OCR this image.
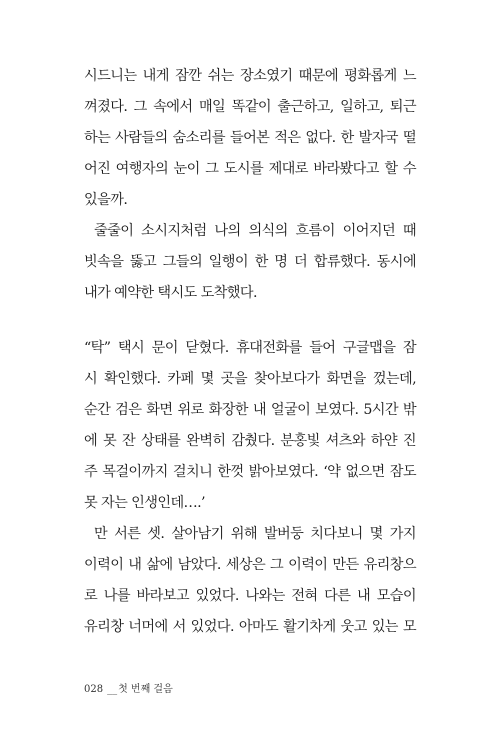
시드니는 내게 잠깐 쉬는 장소였기 때문에 평화롭게 느
껴졌다. 그 속에서 매일 똑같이 출근하고, 일하고, 퇴근
하는 사람들의 숨소리를 들어본 적은 없다. 한 발자국 떨
어진 여행자의 눈이 그 도시를 제대로 바라봤다고 할 수
있을까.
줄줄이 소시지처럼 나의 의식의 흐름이 이어지던 때
빗속을 뚫고 그들의 일행이 한 명 더 합류했다. 동시에
내가 예약한 택시도 도착했다.
“탁” 택시 문이 닫혔다. 휴대전화를 들어 구글맵을 잠
시 확인했다. 카페 몇 곳을 찾아보다가 화면을 껐는데,
순간 검은 화면 위로 화장한 내 얼굴이 보였다. 5시간 밖
에 못 잔 상태를 완벽히 감췄다. 분홍빛 셔츠와 하얀 진
주 목걸이까지 걸치니 한껏 밝아보였다. ‘약 없으면 잠도
못 자는 인생인데….’
만 서른 셋. 살아남기 위해 발버둥 치다보니 몇 가지
이력이 내 삶에 남았다. 세상은 그 이력이 만든 유리창으
로 나를 바라보고 있었다. 나와는 전혀 다른 내 모습이
유리창 너머에 서 있었다. 아마도 활기차게 웃고 있는 모
028 __첫 번째 걸음
